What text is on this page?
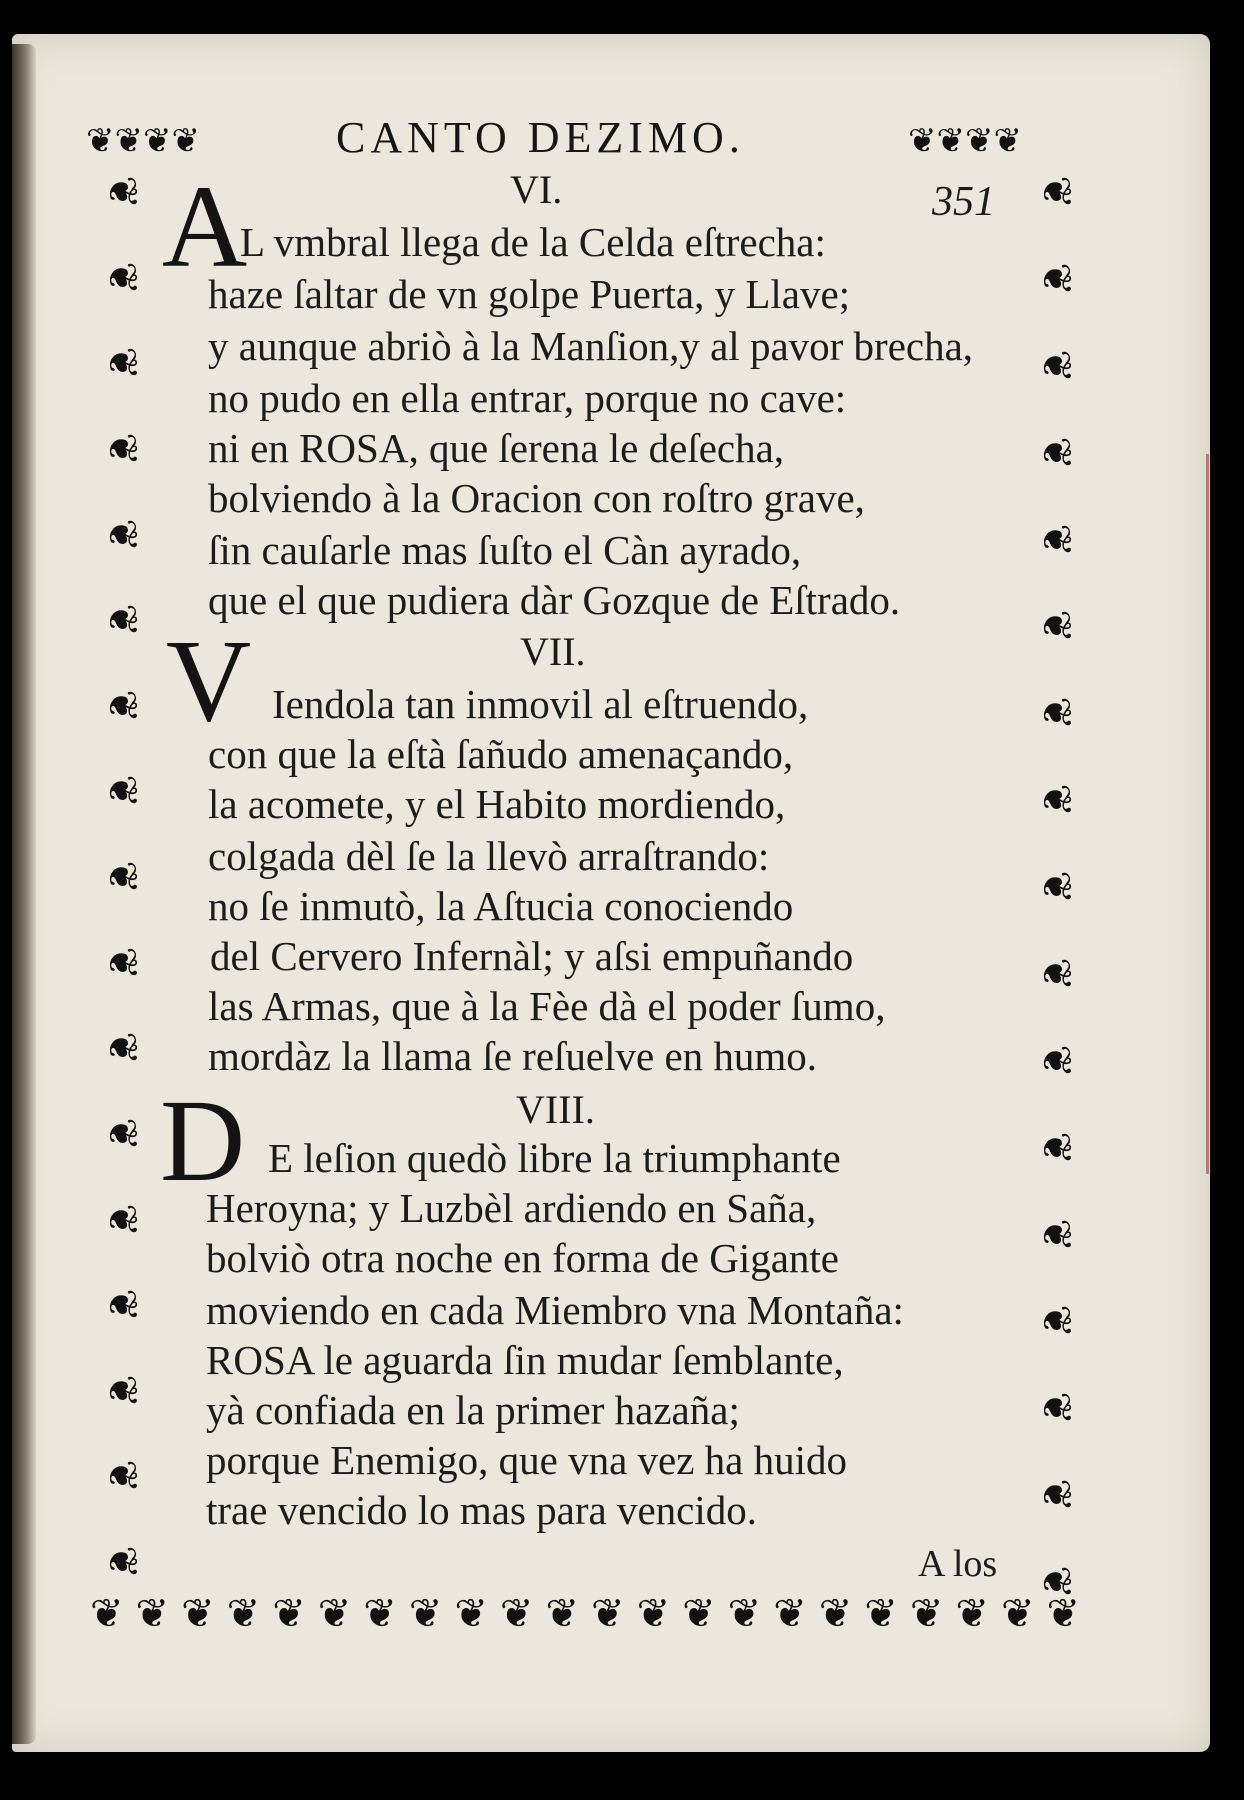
❦ ❦ ❦ ❦	❦ ❦ ❦ ❦
❦
❦
❦
❦
❦
❦
❦
❦
❦
❦
❦
❦
❦
❦
❦
❦
❦
❦
❦
❦
❦
❦
❦
❦
❦
❦
❦
❦
❦
❦
❦
❦
❦
❦
❦ ❦ ❦ ❦ ❦ ❦ ❦ ❦ ❦ ❦ ❦ ❦ ❦ ❦ ❦ ❦ ❦ ❦ ❦ ❦ ❦ ❦
CANTO DEZIMO.
351
VI.
A
L vmbral llega de la Celda eſtrecha:
haze ſaltar de vn golpe Puerta, y Llave;
y aunque abriò à la Manſion,y al pavor brecha,
no pudo en ella entrar, porque no cave:
ni en ROSA, que ſerena le deſecha,
bolviendo à la Oracion con roſtro grave,
ſin cauſarle mas ſuſto el Càn ayrado,
que el que pudiera dàr Gozque de Eſtrado.
VII.
V Iendola tan inmovil al eſtruendo,
con que la eſtà ſañudo amenaçando,
la acomete, y el Habito mordiendo,
colgada dèl ſe la llevò arraſtrando:
no ſe inmutò, la Aſtucia conociendo
del Cervero Infernàl; y aſsi empuñando
las Armas, que à la Fèe dà el poder ſumo,
mordàz la llama ſe reſuelve en humo.
VIII.
D E leſion quedò libre la triumphante
Heroyna; y Luzbèl ardiendo en Saña,
bolviò otra noche en forma de Gigante
moviendo en cada Miembro vna Montaña:
ROSA le aguarda ſin mudar ſemblante,
yà confiada en la primer hazaña;
porque Enemigo, que vna vez ha huido
trae vencido lo mas para vencido.
A los
